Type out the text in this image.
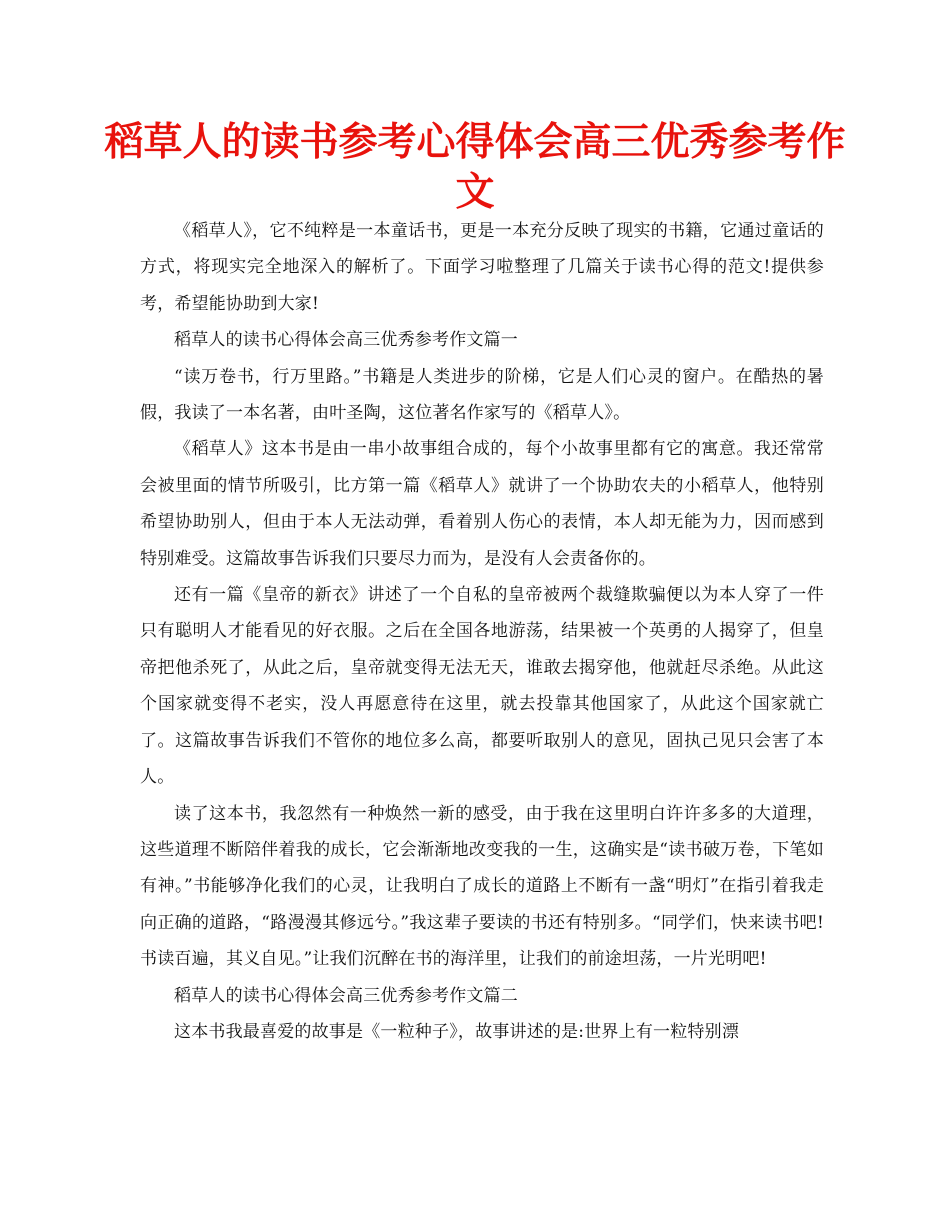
稻草人的读书参考心得体会高三优秀参考作文

《稻草人》，它不纯粹是一本童话书，更是一本充分反映了现实的书籍，它通过童话的方式，将现实完全地深入的解析了。下面学习啦整理了几篇关于读书心得的范文!提供参考，希望能协助到大家!

稻草人的读书心得体会高三优秀参考作文篇一

“读万卷书，行万里路。”书籍是人类进步的阶梯，它是人们心灵的窗户。在酷热的暑假，我读了一本名著，由叶圣陶，这位著名作家写的《稻草人》。

《稻草人》这本书是由一串小故事组合成的，每个小故事里都有它的寓意。我还常常会被里面的情节所吸引，比方第一篇《稻草人》就讲了一个协助农夫的小稻草人，他特别希望协助别人，但由于本人无法动弹，看着别人伤心的表情，本人却无能为力，因而感到特别难受。这篇故事告诉我们只要尽力而为，是没有人会责备你的。

还有一篇《皇帝的新衣》讲述了一个自私的皇帝被两个裁缝欺骗便以为本人穿了一件只有聪明人才能看见的好衣服。之后在全国各地游荡，结果被一个英勇的人揭穿了，但皇帝把他杀死了，从此之后，皇帝就变得无法无天，谁敢去揭穿他，他就赶尽杀绝。从此这个国家就变得不老实，没人再愿意待在这里，就去投靠其他国家了，从此这个国家就亡了。这篇故事告诉我们不管你的地位多么高，都要听取别人的意见，固执己见只会害了本人。

读了这本书，我忽然有一种焕然一新的感受，由于我在这里明白许许多多的大道理，这些道理不断陪伴着我的成长，它会渐渐地改变我的一生，这确实是“读书破万卷，下笔如有神。”书能够净化我们的心灵，让我明白了成长的道路上不断有一盏“明灯”在指引着我走向正确的道路，“路漫漫其修远兮。”我这辈子要读的书还有特别多。“同学们，快来读书吧!书读百遍，其义自见。”让我们沉醉在书的海洋里，让我们的前途坦荡，一片光明吧!

稻草人的读书心得体会高三优秀参考作文篇二

这本书我最喜爱的故事是《一粒种子》，故事讲述的是:世界上有一粒特别漂
